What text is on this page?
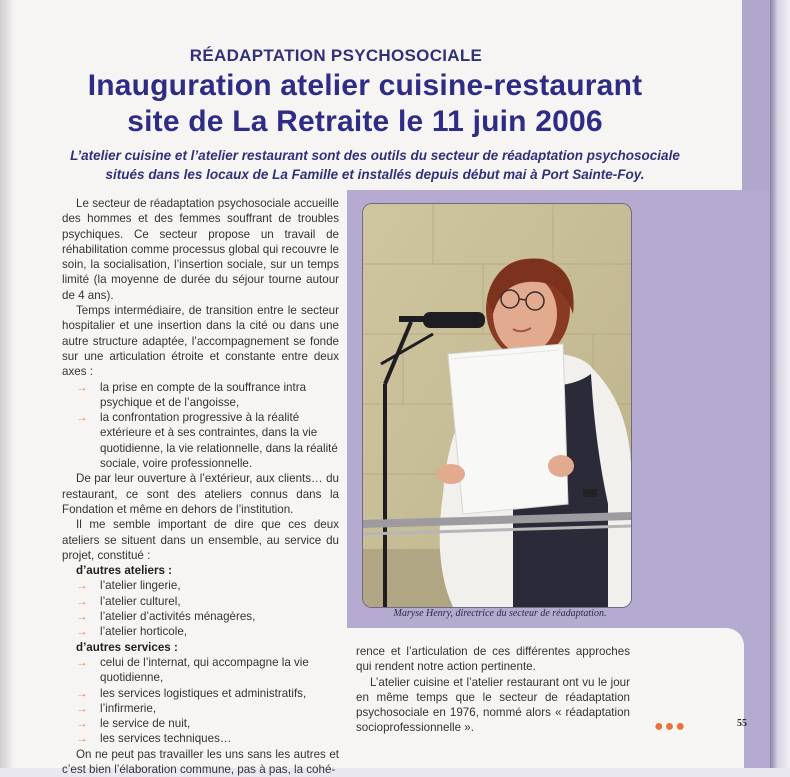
RÉADAPTATION PSYCHOSOCIALE
Inauguration atelier cuisine-restaurant
site de La Retraite le 11 juin 2006
L’atelier cuisine et l’atelier restaurant sont des outils du secteur de réadaptation psychosociale
situés dans les locaux de La Famille et installés depuis début mai à Port Sainte-Foy.

Le secteur de réadaptation psychosociale accueille des hommes et des femmes souffrant de troubles psychiques. Ce secteur propose un travail de réhabilitation comme processus global qui recouvre le soin, la socialisation, l’insertion sociale, sur un temps limité (la moyenne de durée du séjour tourne autour de 4 ans).

Temps intermédiaire, de transition entre le secteur hospitalier et une insertion dans la cité ou dans une autre structure adaptée, l’accompagnement se fonde sur une articulation étroite et constante entre deux axes :

→ la prise en compte de la souffrance intra psychique et de l’angoisse,

→ la confrontation progressive à la réalité extérieure et à ses contraintes, dans la vie quotidienne, la vie relationnelle, dans la réalité sociale, voire professionnelle.

De par leur ouverture à l’extérieur, aux clients… du restaurant, ce sont des ateliers connus dans la Fondation et même en dehors de l’institution.

Il me semble important de dire que ces deux ateliers se situent dans un ensemble, au service du projet, constitué :

d’autres ateliers :

→ l’atelier lingerie,

→ l’atelier culturel,

→ l’atelier d’activités ménagères,

→ l’atelier horticole,

d’autres services :

→ celui de l’internat, qui accompagne la vie quotidienne,

→ les services logistiques et administratifs,

→ l’infirmerie,

→ le service de nuit,

→ les services techniques…

On ne peut pas travailler les uns sans les autres et c’est bien l’élaboration commune, pas à pas, la cohé-

Maryse Henry, directrice du secteur de réadaptation.

rence et l’articulation de ces différentes approches qui rendent notre action pertinente.

L’atelier cuisine et l’atelier restaurant ont vu le jour en même temps que le secteur de réadaptation psychosociale en 1976, nommé alors « réadaptation socioprofessionnelle ».	●●●	55
